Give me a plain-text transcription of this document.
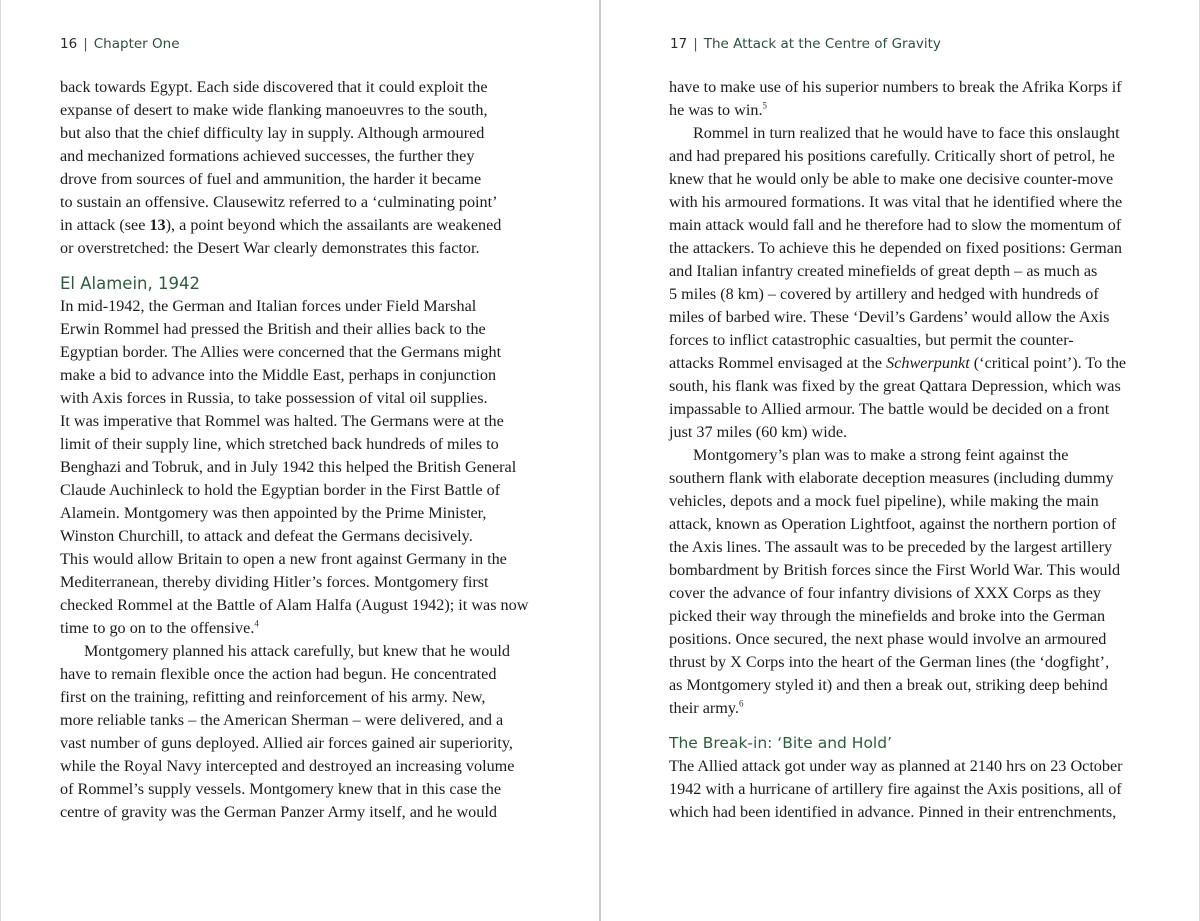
16 | Chapter One
back towards Egypt. Each side discovered that it could exploit the
expanse of desert to make wide flanking manoeuvres to the south,
but also that the chief difficulty lay in supply. Although armoured
and mechanized formations achieved successes, the further they
drove from sources of fuel and ammunition, the harder it became
to sustain an offensive. Clausewitz referred to a ‘culminating point’
in attack (see 13), a point beyond which the assailants are weakened
or overstretched: the Desert War clearly demonstrates this factor.
El Alamein, 1942
In mid-1942, the German and Italian forces under Field Marshal
Erwin Rommel had pressed the British and their allies back to the
Egyptian border. The Allies were concerned that the Germans might
make a bid to advance into the Middle East, perhaps in conjunction
with Axis forces in Russia, to take possession of vital oil supplies.
It was imperative that Rommel was halted. The Germans were at the
limit of their supply line, which stretched back hundreds of miles to
Benghazi and Tobruk, and in July 1942 this helped the British General
Claude Auchinleck to hold the Egyptian border in the First Battle of
Alamein. Montgomery was then appointed by the Prime Minister,
Winston Churchill, to attack and defeat the Germans decisively.
This would allow Britain to open a new front against Germany in the
Mediterranean, thereby dividing Hitler’s forces. Montgomery first
checked Rommel at the Battle of Alam Halfa (August 1942); it was now
time to go on to the offensive.$^4$
Montgomery planned his attack carefully, but knew that he would
have to remain flexible once the action had begun. He concentrated
first on the training, refitting and reinforcement of his army. New,
more reliable tanks – the American Sherman – were delivered, and a
vast number of guns deployed. Allied air forces gained air superiority,
while the Royal Navy intercepted and destroyed an increasing volume
of Rommel’s supply vessels. Montgomery knew that in this case the
centre of gravity was the German Panzer Army itself, and he would
17 | The Attack at the Centre of Gravity
have to make use of his superior numbers to break the Afrika Korps if
he was to win.$^5$
Rommel in turn realized that he would have to face this onslaught
and had prepared his positions carefully. Critically short of petrol, he
knew that he would only be able to make one decisive counter-move
with his armoured formations. It was vital that he identified where the
main attack would fall and he therefore had to slow the momentum of
the attackers. To achieve this he depended on fixed positions: German
and Italian infantry created minefields of great depth – as much as
5 miles (8 km) – covered by artillery and hedged with hundreds of
miles of barbed wire. These ‘Devil’s Gardens’ would allow the Axis
forces to inflict catastrophic casualties, but permit the counter-
attacks Rommel envisaged at the Schwerpunkt (‘critical point’). To the
south, his flank was fixed by the great Qattara Depression, which was
impassable to Allied armour. The battle would be decided on a front
just 37 miles (60 km) wide.
Montgomery’s plan was to make a strong feint against the
southern flank with elaborate deception measures (including dummy
vehicles, depots and a mock fuel pipeline), while making the main
attack, known as Operation Lightfoot, against the northern portion of
the Axis lines. The assault was to be preceded by the largest artillery
bombardment by British forces since the First World War. This would
cover the advance of four infantry divisions of XXX Corps as they
picked their way through the minefields and broke into the German
positions. Once secured, the next phase would involve an armoured
thrust by X Corps into the heart of the German lines (the ‘dogfight’,
as Montgomery styled it) and then a break out, striking deep behind
their army.$^6$
The Break-in: ‘Bite and Hold’
The Allied attack got under way as planned at 2140 hrs on 23 October
1942 with a hurricane of artillery fire against the Axis positions, all of
which had been identified in advance. Pinned in their entrenchments,
